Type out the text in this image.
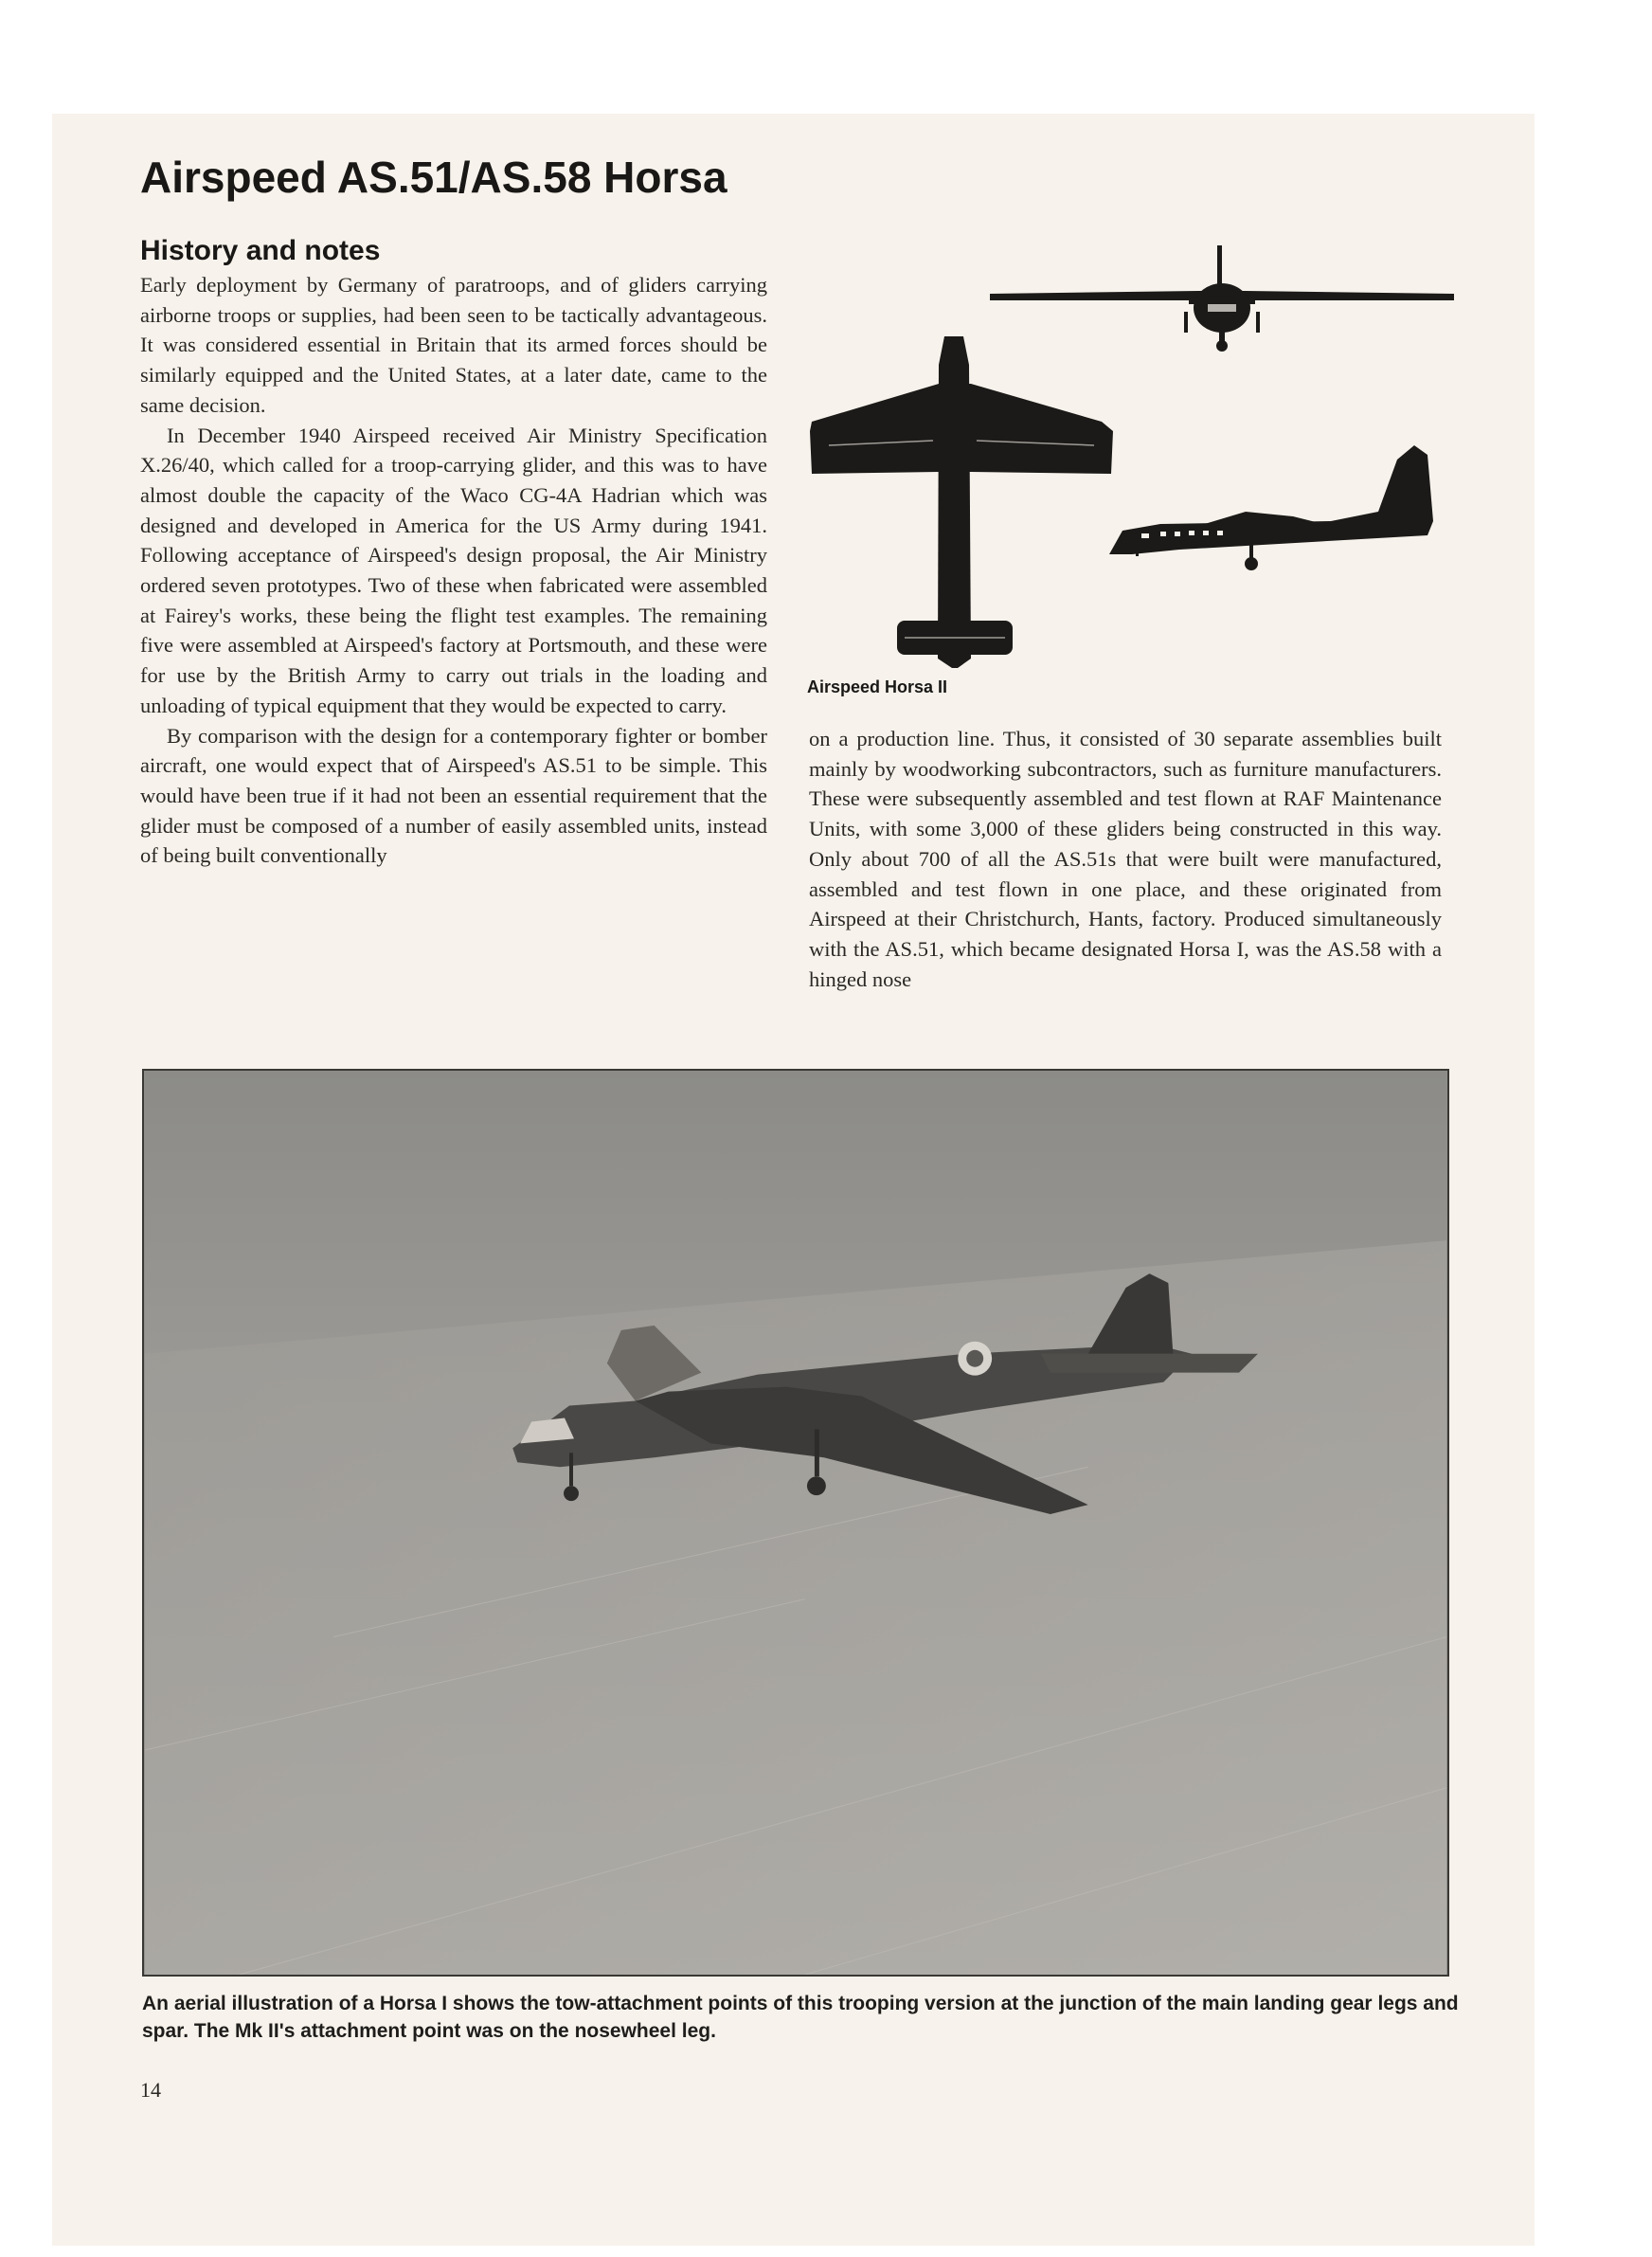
Airspeed AS.51/AS.58 Horsa
History and notes

Early deployment by Germany of paratroops, and of gliders carrying airborne troops or supplies, had been seen to be tactically advantageous. It was considered essential in Britain that its armed forces should be similarly equipped and the United States, at a later date, came to the same decision.

In December 1940 Airspeed received Air Ministry Specification X.26/40, which called for a troop-carrying glider, and this was to have almost double the capacity of the Waco CG-4A Hadrian which was designed and developed in America for the US Army during 1941. Following acceptance of Airspeed's design proposal, the Air Ministry ordered seven prototypes. Two of these when fabricated were assembled at Fairey's works, these being the flight test examples. The remaining five were assembled at Airspeed's factory at Portsmouth, and these were for use by the British Army to carry out trials in the loading and unloading of typical equipment that they would be expected to carry.

By comparison with the design for a contemporary fighter or bomber aircraft, one would expect that of Airspeed's AS.51 to be simple. This would have been true if it had not been an essential requirement that the glider must be composed of a number of easily assembled units, instead of being built conventionally

Airspeed Horsa II

on a production line. Thus, it consisted of 30 separate assemblies built mainly by woodworking subcontractors, such as furniture manufacturers. These were subsequently assembled and test flown at RAF Maintenance Units, with some 3,000 of these gliders being constructed in this way. Only about 700 of all the AS.51s that were built were manufactured, assembled and test flown in one place, and these originated from Airspeed at their Christchurch, Hants, factory. Produced simultaneously with the AS.51, which became designated Horsa I, was the AS.58 with a hinged nose

An aerial illustration of a Horsa I shows the tow-attachment points of this trooping version at the junction of the main landing gear legs and spar. The Mk II's attachment point was on the nosewheel leg.

14
